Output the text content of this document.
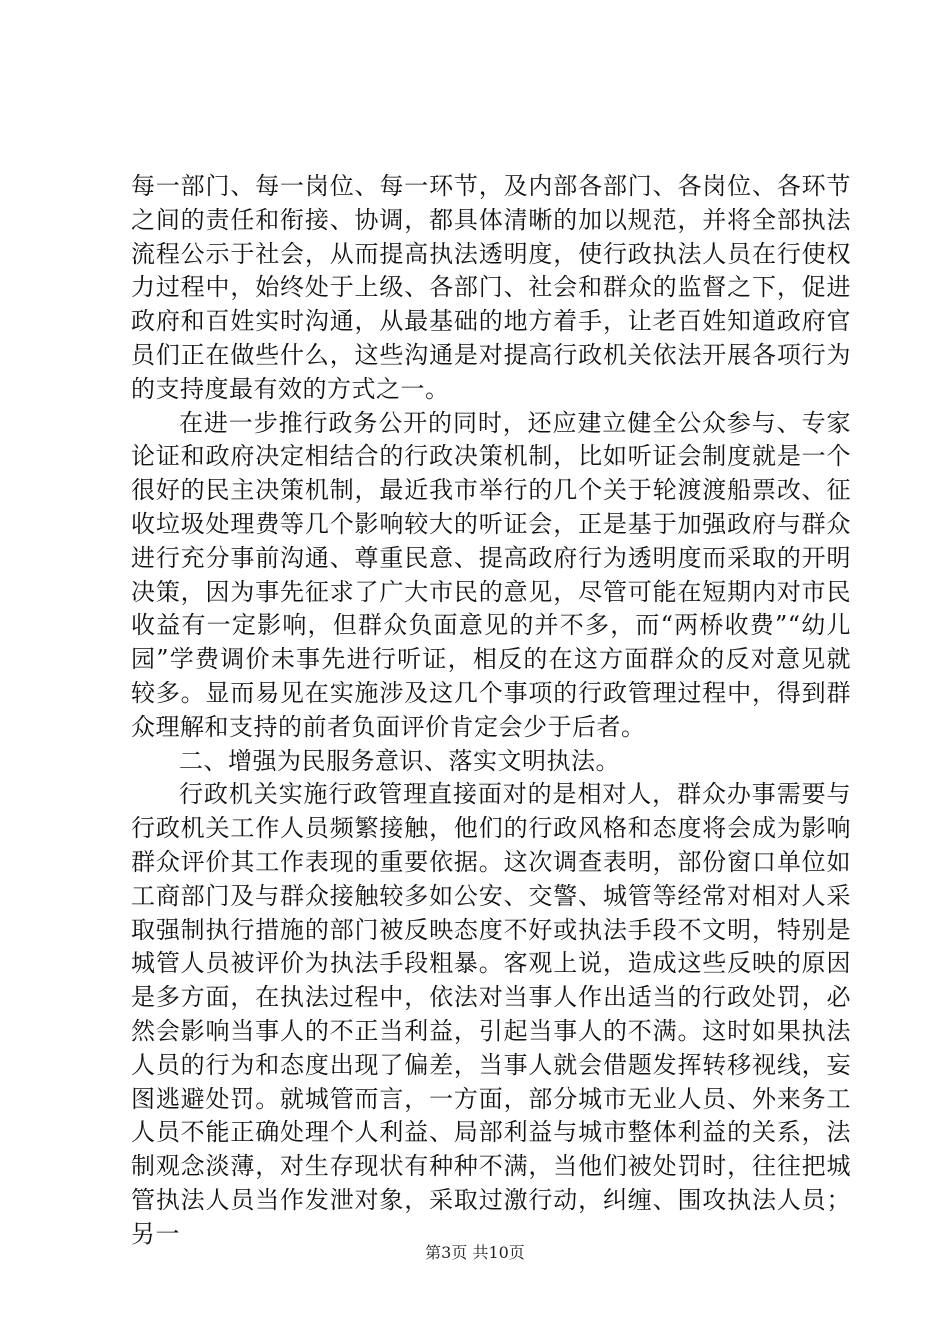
每一部门、每一岗位、每一环节，及内部各部门、各岗位、各环节之间的责任和衔接、协调，都具体清晰的加以规范，并将全部执法流程公示于社会，从而提高执法透明度，使行政执法人员在行使权力过程中，始终处于上级、各部门、社会和群众的监督之下，促进政府和百姓实时沟通，从最基础的地方着手，让老百姓知道政府官员们正在做些什么，这些沟通是对提高行政机关依法开展各项行为的支持度最有效的方式之一。

在进一步推行政务公开的同时，还应建立健全公众参与、专家论证和政府决定相结合的行政决策机制，比如听证会制度就是一个很好的民主决策机制，最近我市举行的几个关于轮渡渡船票改、征收垃圾处理费等几个影响较大的听证会，正是基于加强政府与群众进行充分事前沟通、尊重民意、提高政府行为透明度而采取的开明决策，因为事先征求了广大市民的意见，尽管可能在短期内对市民收益有一定影响，但群众负面意见的并不多，而“两桥收费”“幼儿园”学费调价未事先进行听证，相反的在这方面群众的反对意见就较多。显而易见在实施涉及这几个事项的行政管理过程中，得到群众理解和支持的前者负面评价肯定会少于后者。

二、增强为民服务意识、落实文明执法。

行政机关实施行政管理直接面对的是相对人，群众办事需要与行政机关工作人员频繁接触，他们的行政风格和态度将会成为影响群众评价其工作表现的重要依据。这次调查表明，部份窗口单位如工商部门及与群众接触较多如公安、交警、城管等经常对相对人采取强制执行措施的部门被反映态度不好或执法手段不文明，特别是城管人员被评价为执法手段粗暴。客观上说，造成这些反映的原因是多方面，在执法过程中，依法对当事人作出适当的行政处罚，必然会影响当事人的不正当利益，引起当事人的不满。这时如果执法人员的行为和态度出现了偏差，当事人就会借题发挥转移视线，妄图逃避处罚。就城管而言，一方面，部分城市无业人员、外来务工人员不能正确处理个人利益、局部利益与城市整体利益的关系，法制观念淡薄，对生存现状有种种不满，当他们被处罚时，往往把城管执法人员当作发泄对象，采取过激行动，纠缠、围攻执法人员；另一

第3页 共10页
